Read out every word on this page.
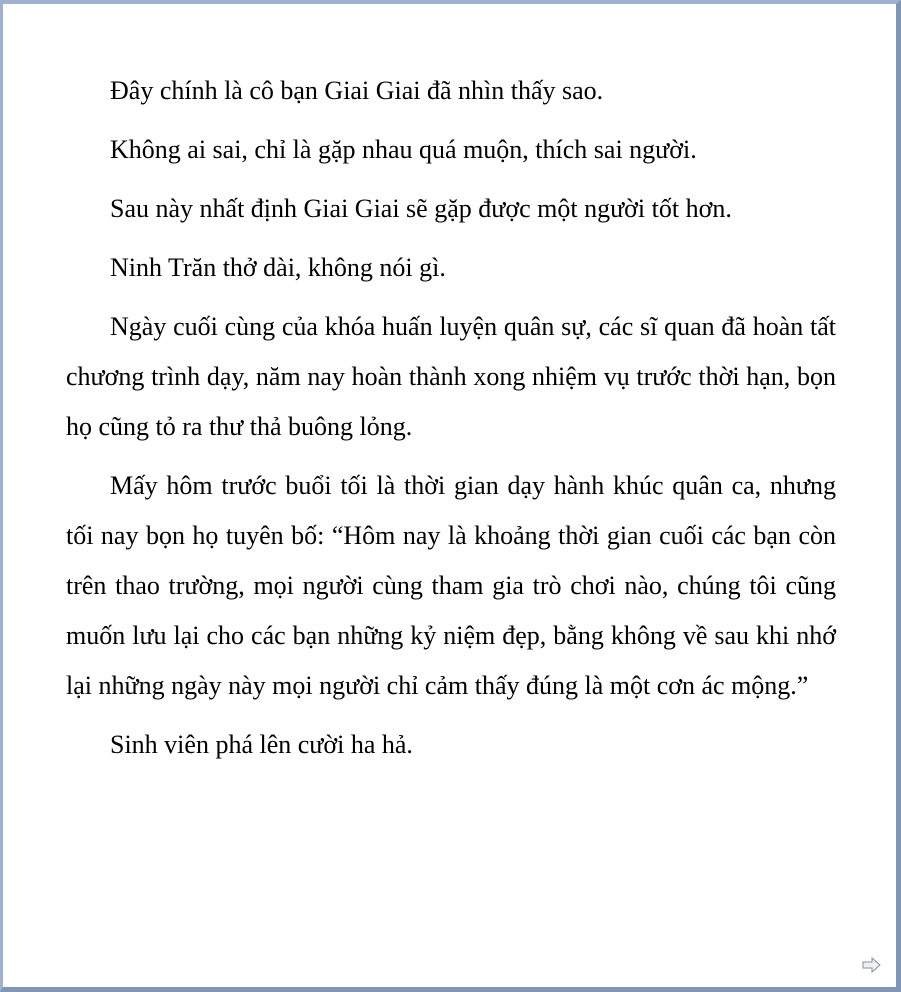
Đây chính là cô bạn Giai Giai đã nhìn thấy sao.

Không ai sai, chỉ là gặp nhau quá muộn, thích sai người.

Sau này nhất định Giai Giai sẽ gặp được một người tốt hơn.

Ninh Trăn thở dài, không nói gì.

Ngày cuối cùng của khóa huấn luyện quân sự, các sĩ quan đã hoàn tất chương trình dạy, năm nay hoàn thành xong nhiệm vụ trước thời hạn, bọn họ cũng tỏ ra thư thả buông lỏng.

Mấy hôm trước buổi tối là thời gian dạy hành khúc quân ca, nhưng tối nay bọn họ tuyên bố: “Hôm nay là khoảng thời gian cuối các bạn còn trên thao trường, mọi người cùng tham gia trò chơi nào, chúng tôi cũng muốn lưu lại cho các bạn những kỷ niệm đẹp, bằng không về sau khi nhớ lại những ngày này mọi người chỉ cảm thấy đúng là một cơn ác mộng.”

Sinh viên phá lên cười ha hả.
